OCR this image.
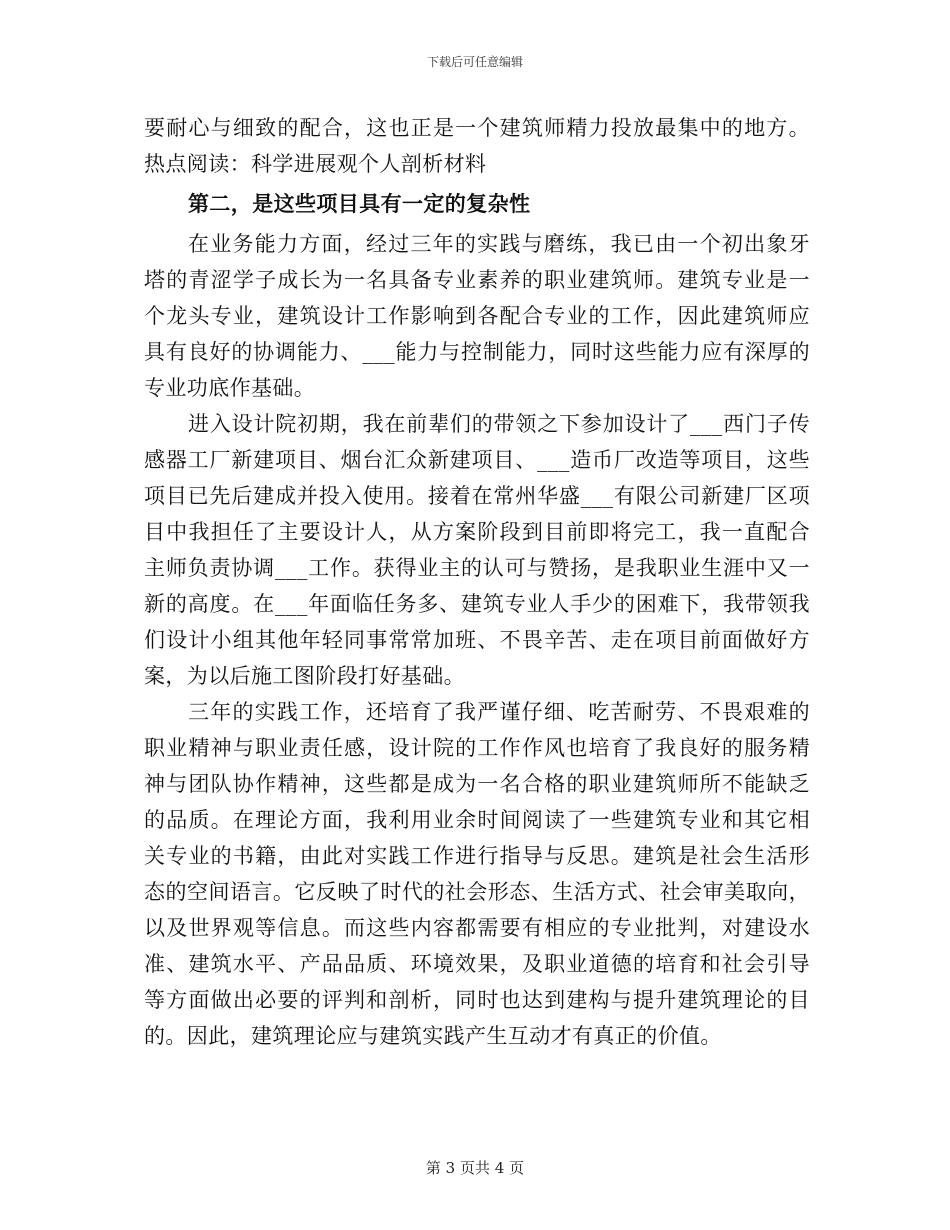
下载后可任意编辑
要耐心与细致的配合，这也正是一个建筑师精力投放最集中的地方。
热点阅读：科学进展观个人剖析材料
第二，是这些项目具有一定的复杂性
在业务能力方面，经过三年的实践与磨练，我已由一个初出象牙
塔的青涩学子成长为一名具备专业素养的职业建筑师。建筑专业是一
个龙头专业，建筑设计工作影响到各配合专业的工作，因此建筑师应
具有良好的协调能力、___能力与控制能力，同时这些能力应有深厚的
专业功底作基础。
进入设计院初期，我在前辈们的带领之下参加设计了___西门子传
感器工厂新建项目、烟台汇众新建项目、___造币厂改造等项目，这些
项目已先后建成并投入使用。接着在常州华盛___有限公司新建厂区项
目中我担任了主要设计人，从方案阶段到目前即将完工，我一直配合
主师负责协调___工作。获得业主的认可与赞扬，是我职业生涯中又一
新的高度。在___年面临任务多、建筑专业人手少的困难下，我带领我
们设计小组其他年轻同事常常加班、不畏辛苦、走在项目前面做好方
案，为以后施工图阶段打好基础。
三年的实践工作，还培育了我严谨仔细、吃苦耐劳、不畏艰难的
职业精神与职业责任感，设计院的工作作风也培育了我良好的服务精
神与团队协作精神，这些都是成为一名合格的职业建筑师所不能缺乏
的品质。在理论方面，我利用业余时间阅读了一些建筑专业和其它相
关专业的书籍，由此对实践工作进行指导与反思。建筑是社会生活形
态的空间语言。它反映了时代的社会形态、生活方式、社会审美取向，
以及世界观等信息。而这些内容都需要有相应的专业批判，对建设水
准、建筑水平、产品品质、环境效果，及职业道德的培育和社会引导
等方面做出必要的评判和剖析，同时也达到建构与提升建筑理论的目
的。因此，建筑理论应与建筑实践产生互动才有真正的价值。
第 3 页共 4 页
